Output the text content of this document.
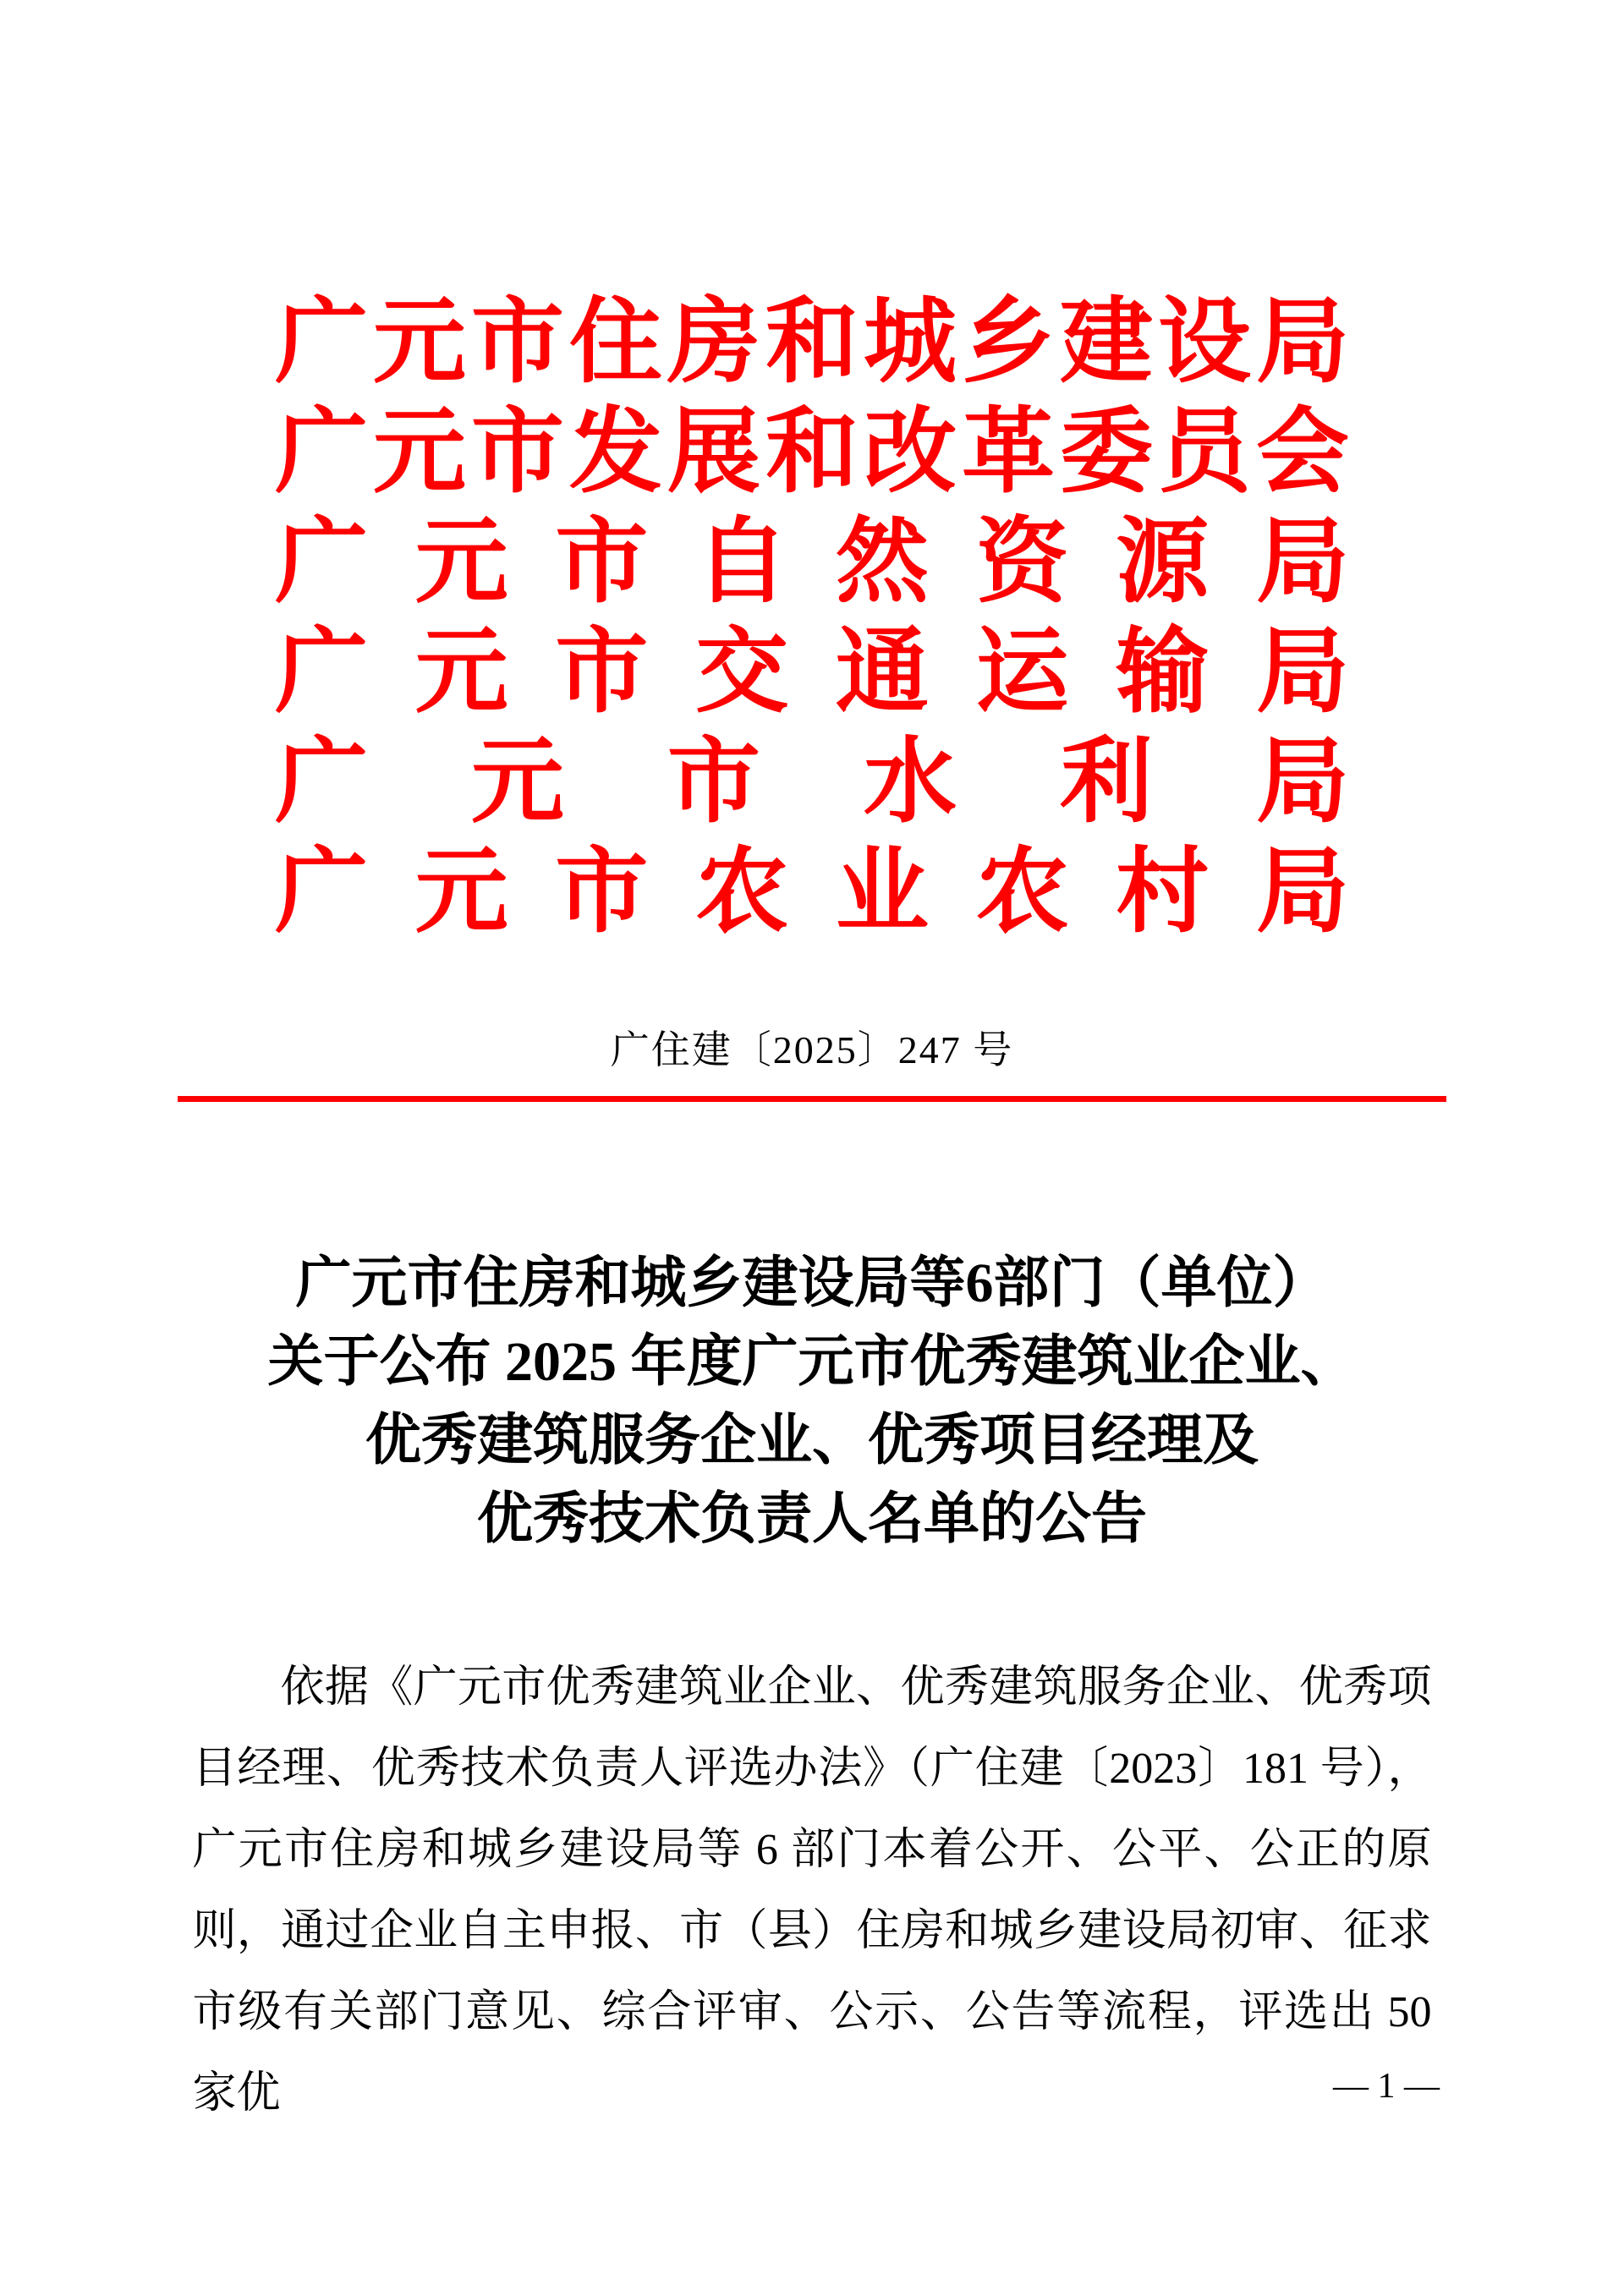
广元市住房和城乡建设局
广元市发展和改革委员会
广元市自然资源局
广元市交通运输局
广元市水利局
广元市农业农村局
广住建〔2025〕247 号
广元市住房和城乡建设局等6部门（单位）
关于公布 2025 年度广元市优秀建筑业企业、
优秀建筑服务企业、优秀项目经理及
优秀技术负责人名单的公告

依据《广元市优秀建筑业企业、优秀建筑服务企业、优秀项目经理、优秀技术负责人评选办法》（广住建〔2023〕181 号），广元市住房和城乡建设局等 6 部门本着公开、公平、公正的原则，通过企业自主申报、市（县）住房和城乡建设局初审、征求市级有关部门意见、综合评审、公示、公告等流程，评选出 50 家优	— 1 —
